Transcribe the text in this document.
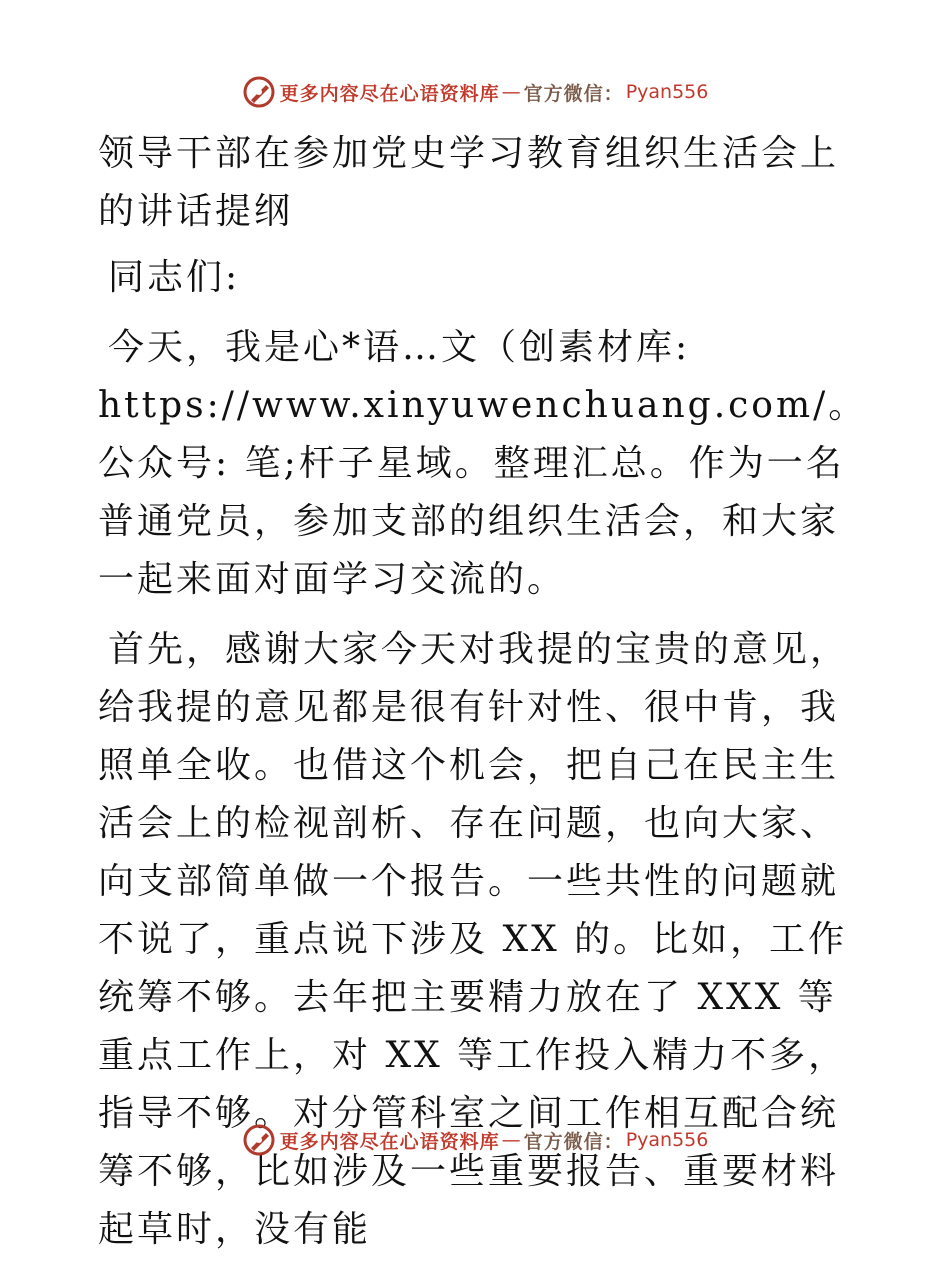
更多内容尽在心语资料库 — 官方微信： Pyan556

领导干部在参加党史学习教育组织生活会上的讲话提纲

同志们:

今天，我是心*语…文（创素材库: https://www.xinyuwenchuang.com/。公众号: 笔;杆子星域。整理汇总。作为一名普通党员，参加支部的组织生活会，和大家一起来面对面学习交流的。

首先，感谢大家今天对我提的宝贵的意见，给我提的意见都是很有针对性、很中肯，我照单全收。也借这个机会，把自己在民主生活会上的检视剖析、存在问题，也向大家、向支部简单做一个报告。一些共性的问题就不说了，重点说下涉及 XX 的。比如，工作统筹不够。去年把主要精力放在了 XXX 等重点工作上，对 XX 等工作投入精力不多，指导不够。对分管科室之间工作相互配合统筹不够，比如涉及一些重要报告、重要材料起草时，没有能

更多内容尽在心语资料库 — 官方微信： Pyan556
